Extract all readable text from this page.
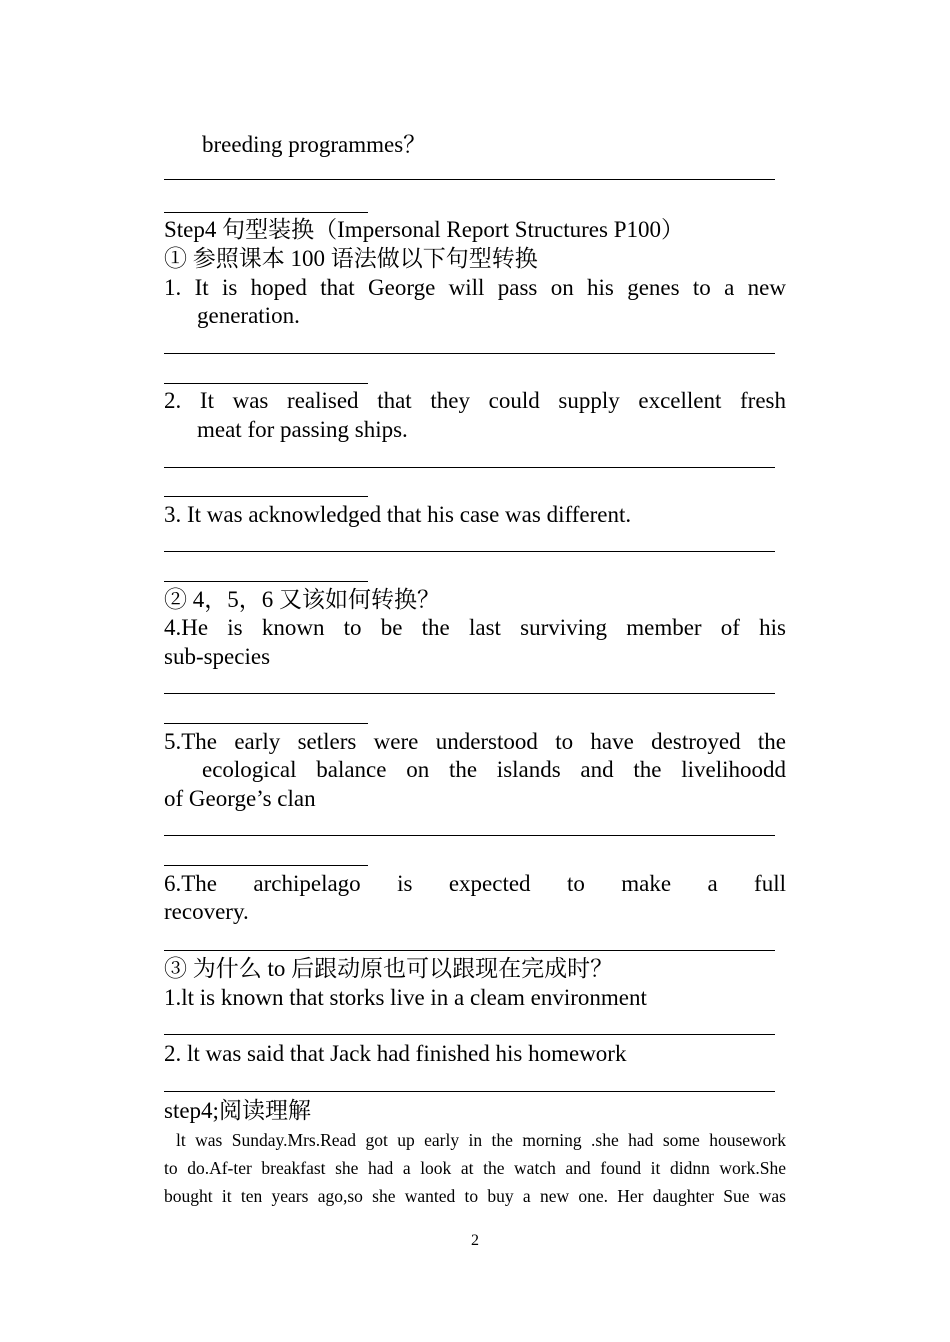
breeding programmes？
Step4 句型装换（Impersonal Report Structures P100）
① 参照课本 100 语法做以下句型转换
1. It is hoped that George will pass on his genes to a new
generation.
2. It was realised that they could supply excellent fresh
meat for passing ships.
3. It was acknowledged that his case was different.
② 4，5，6 又该如何转换？
4.He is known to be the last surviving member of his
sub-species
5.The early setlers were understood to have destroyed the
ecological balance on the islands and the livelihoodd
of George’s clan
6.The archipelago is expected to make a full
recovery.
③ 为什么 to 后跟动原也可以跟现在完成时？
1.lt is known that storks live in a cleam environment
2. lt was said that Jack had finished his homework
step4;阅读理解
lt was Sunday.Mrs.Read got up early in the morning .she had some housework
to do.Af-ter breakfast she had a look at the watch and found it didnn work.She
bought it ten years ago,so she wanted to buy a new one. Her daughter Sue was
2
